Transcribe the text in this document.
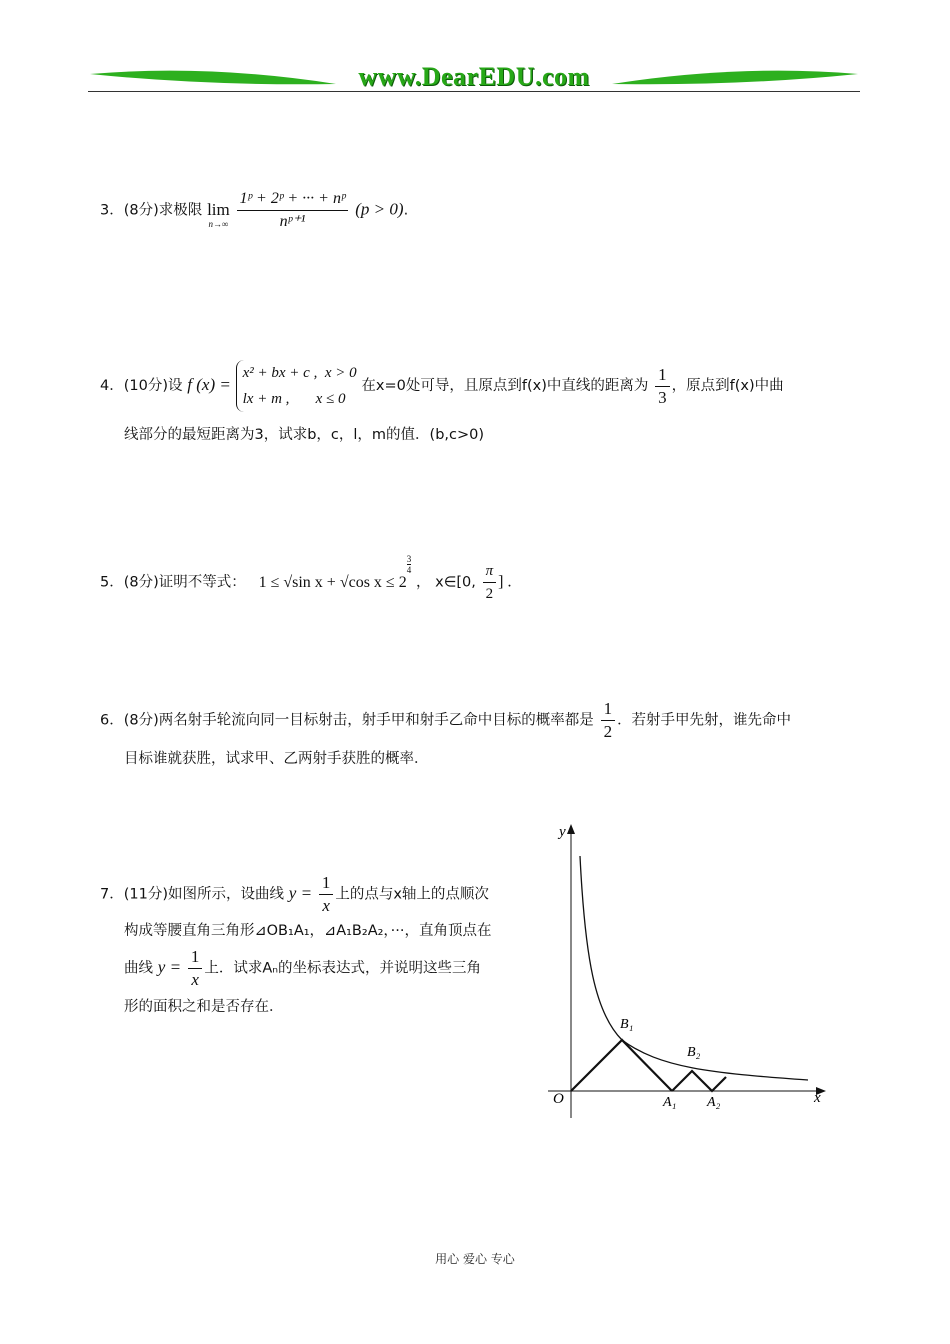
www.DearEDU.com
3．(8分)求极限 lim
n→∞
$\frac{\text{1ᵖ + 2ᵖ + ··· + nᵖ}}{\text{nᵖ⁺¹}} (p > 0)$.
4．(10分)设 f (x) =
x² + bx + c ,  x > 0
lx + m ,       x ≤ 0
在x=0处可导，且原点到f(x)中直线的距离为 $\frac{1}{3}$ ，原点到f(x)中曲
线部分的最短距离为3，试求b，c，l，m的值．(b,c>0)
5．(8分)证明不等式： 1 ≤ √sin x + √cos x ≤ 2
$\frac{3}{4}$
， x∈[0, $\frac{\pi}{2}$ ] .
6．(8分)两名射手轮流向同一目标射击，射手甲和射手乙命中目标的概率都是 $\frac{1}{2}$ ．若射手甲先射，谁先命中
目标谁就获胜，试求甲、乙两射手获胜的概率．
7．(11分)如图所示，设曲线 $y = \frac{1}{x}$ 上的点与x轴上的点顺次
构成等腰直角三角形⊿OB₁A₁，⊿A₁B₂A₂，···，直角顶点在
曲线 $y = \frac{1}{x}$ 上．试求Aₙ的坐标表达式，并说明这些三角
形的面积之和是否存在．
y
x
O
B₁
B₂
A₁ A₂
用心 爱心 专心
